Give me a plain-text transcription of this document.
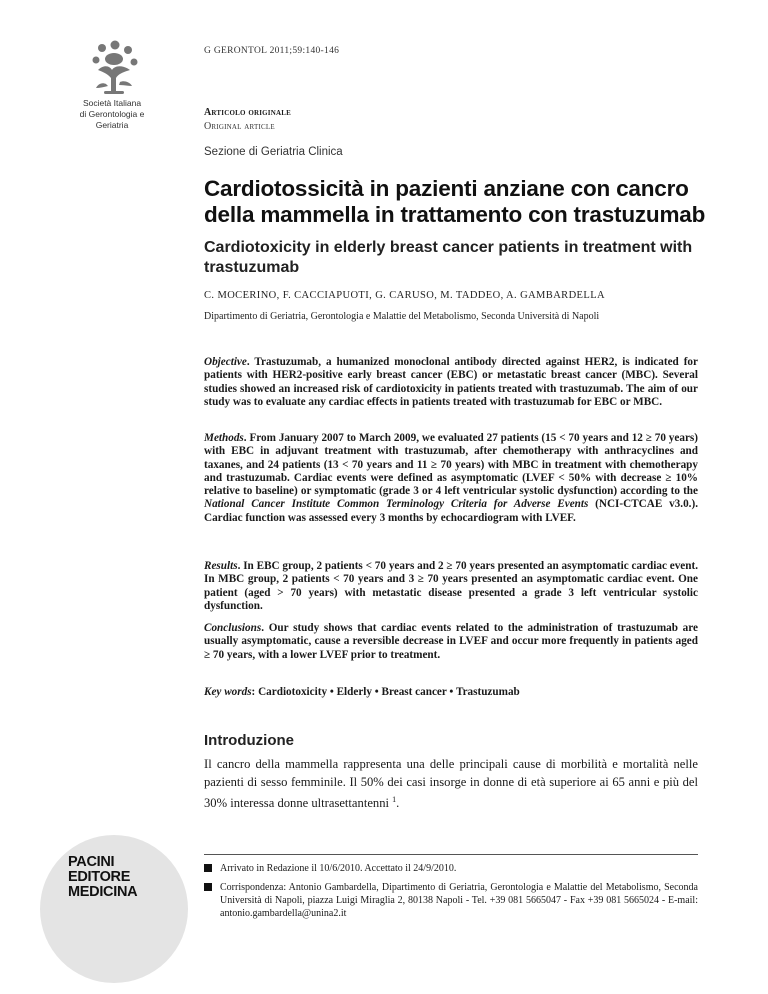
Società Italiana
di Gerontologia e
Geriatria
G GERONTOL 2011;59:140-146
Articolo originale
Original article
Sezione di Geriatria Clinica
Cardiotossicità in pazienti anziane con cancro della mammella in trattamento con trastuzumab
Cardiotoxicity in elderly breast cancer patients in treatment with trastuzumab
C. MOCERINO, F. CACCIAPUOTI, G. CARUSO, M. TADDEO, A. GAMBARDELLA
Dipartimento di Geriatria, Gerontologia e Malattie del Metabolismo, Seconda Università di Napoli

Objective. Trastuzumab, a humanized monoclonal antibody directed against HER2, is indicated for patients with HER2-positive early breast cancer (EBC) or metastatic breast cancer (MBC). Several studies showed an increased risk of cardiotoxicity in patients treated with trastuzumab. The aim of our study was to evaluate any cardiac effects in patients treated with trastuzumab for EBC or MBC.

Methods. From January 2007 to March 2009, we evaluated 27 patients (15 < 70 years and 12 ≥ 70 years) with EBC in adjuvant treatment with trastuzumab, after chemotherapy with anthracyclines and taxanes, and 24 patients (13 < 70 years and 11 ≥ 70 years) with MBC in treatment with chemotherapy and trastuzumab. Cardiac events were defined as asymptomatic (LVEF < 50% with decrease ≥ 10% relative to baseline) or symptomatic (grade 3 or 4 left ventricular systolic dysfunction) according to the National Cancer Institute Common Terminology Criteria for Adverse Events (NCI-CTCAE v3.0.). Cardiac function was assessed every 3 months by echocardiogram with LVEF.

Results. In EBC group, 2 patients < 70 years and 2 ≥ 70 years presented an asymptomatic cardiac event. In MBC group, 2 patients < 70 years and 3 ≥ 70 years presented an asymptomatic cardiac event. One patient (aged > 70 years) with metastatic disease presented a grade 3 left ventricular systolic dysfunction.

Conclusions. Our study shows that cardiac events related to the administration of trastuzumab are usually asymptomatic, cause a reversible decrease in LVEF and occur more frequently in patients aged ≥ 70 years, with a lower LVEF prior to treatment.

Key words: Cardiotoxicity • Elderly • Breast cancer • Trastuzumab
Introduzione

Il cancro della mammella rappresenta una delle principali cause di morbilità e mortalità nelle pazienti di sesso femminile. Il 50% dei casi insorge in donne di età superiore ai 65 anni e più del 30% interessa donne ultrasettantenni $^1$.

Arrivato in Redazione il 10/6/2010. Accettato il 24/9/2010.
Corrispondenza: Antonio Gambardella, Dipartimento di Geriatria, Gerontologia e Malattie del Metabolismo, Seconda Università di Napoli, piazza Luigi Miraglia 2, 80138 Napoli - Tel. +39 081 5665047 - Fax +39 081 5665024 - E-mail: antonio.gambardella@unina2.it
PACINI
EDITORE
MEDICINA
